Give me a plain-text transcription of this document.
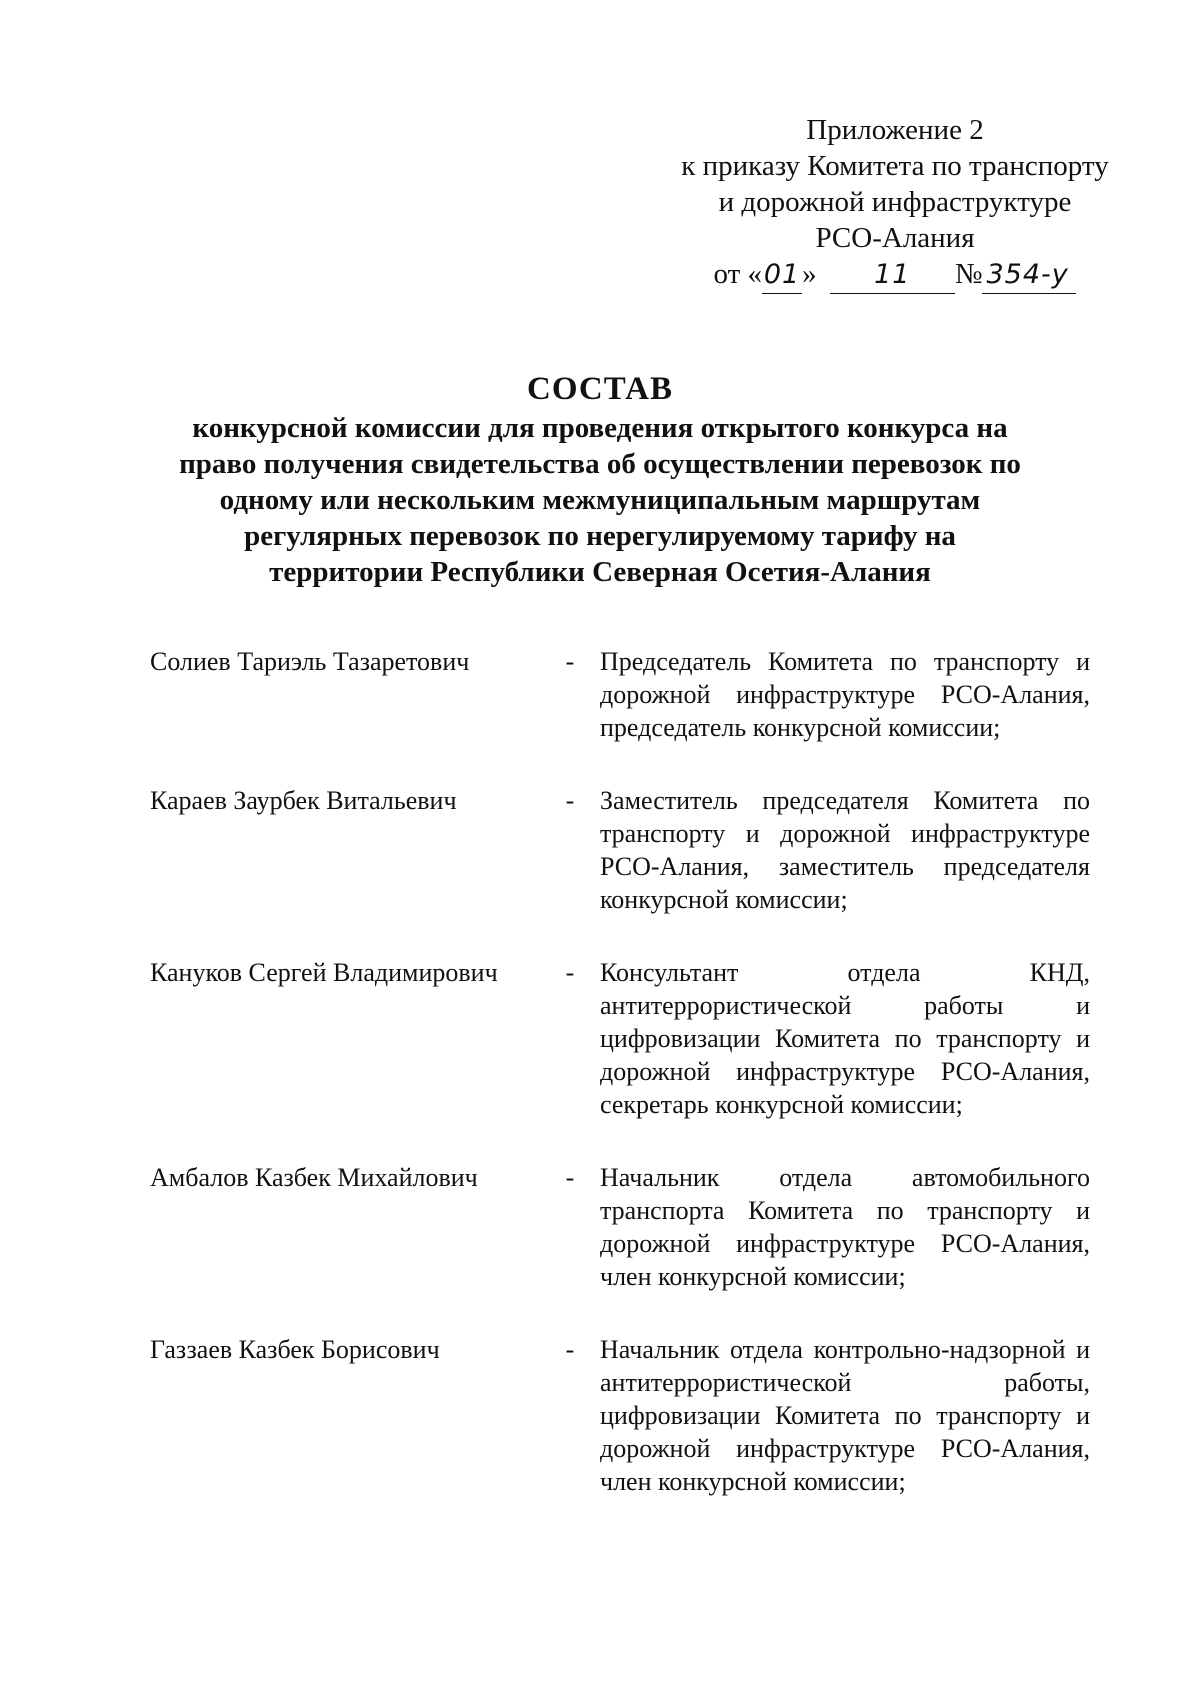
Приложение 2
к приказу Комитета по транспорту
и дорожной инфраструктуре
РСО-Алания
от «01» 11 № 354-у
СОСТАВ
конкурсной комиссии для проведения открытого конкурса на
право получения свидетельства об осуществлении перевозок по
одному или нескольким межмуниципальным маршрутам
регулярных перевозок по нерегулируемому тарифу на
территории Республики Северная Осетия-Алания
Солиев Тариэль Тазаретович	- Председатель Комитета по транспорту и дорожной инфраструктуре РСО-Алания, председатель конкурсной комиссии;
Караев Заурбек Витальевич	- Заместитель председателя Комитета по транспорту и дорожной инфраструктуре РСО-Алания, заместитель председателя конкурсной комиссии;
Кануков Сергей Владимирович	- Консультант отдела КНД, антитеррористической работы и цифровизации Комитета по транспорту и дорожной инфраструктуре РСО-Алания, секретарь конкурсной комиссии;
Амбалов Казбек Михайлович	- Начальник отдела автомобильного транспорта Комитета по транспорту и дорожной инфраструктуре РСО-Алания, член конкурсной комиссии;
Газзаев Казбек Борисович	- Начальник отдела контрольно-надзорной и антитеррористической работы, цифровизации Комитета по транспорту и дорожной инфраструктуре РСО-Алания, член конкурсной комиссии;
